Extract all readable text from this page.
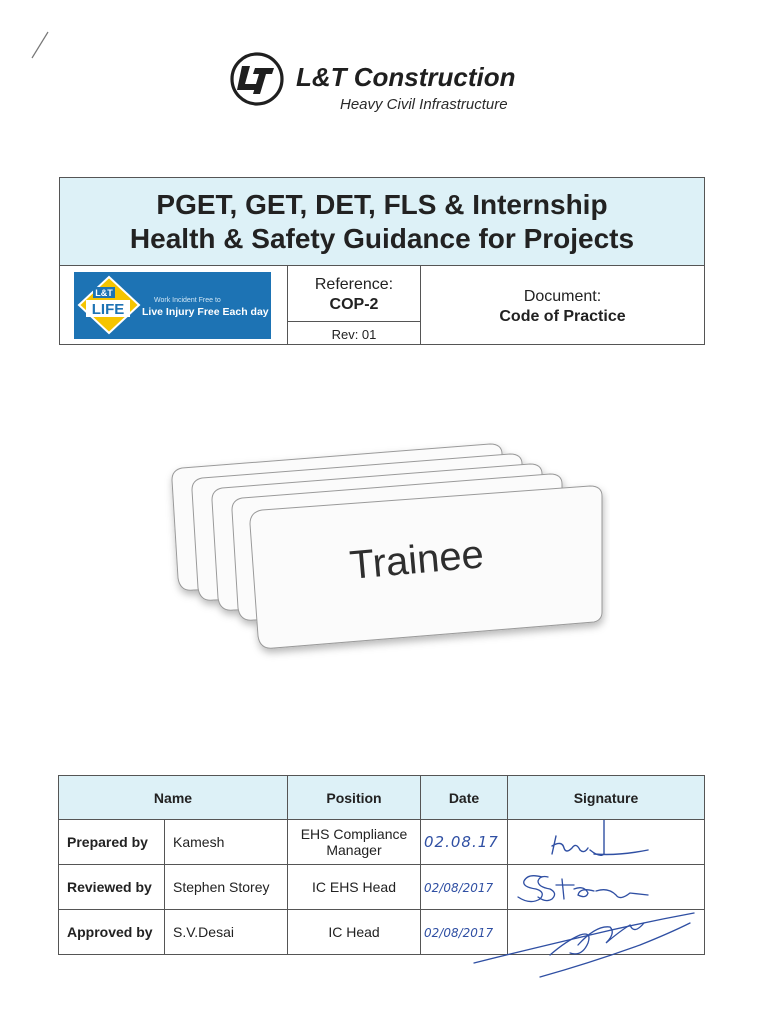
L&T Construction
Heavy Civil Infrastructure
PGET, GET, DET, FLS & Internship
Health & Safety Guidance for Projects
L&T
LIFE
Work Incident Free to
Live Injury Free Each day
Reference:
COP-2
Rev: 01
Document:
Code of Practice
Trainee
Name		Position	Date	Signature
Prepared by	Kamesh	EHS Compliance Manager	02.08.17	

Reviewed by	Stephen Storey	IC EHS Head	02/08/2017	

Approved by	S.V.Desai	IC Head	02/08/2017	
